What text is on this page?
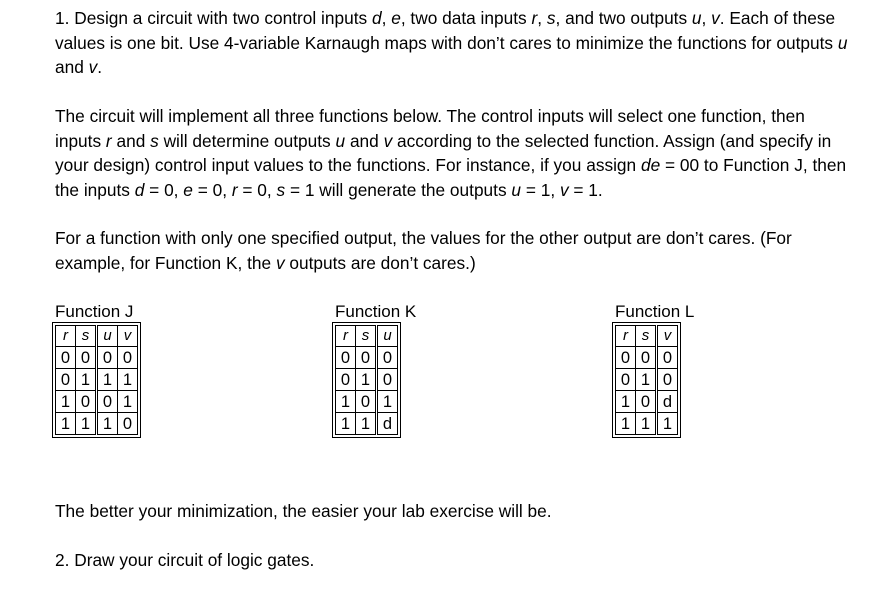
1. Design a circuit with two control inputs d, e, two data inputs r, s, and two outputs u, v. Each of these values is one bit. Use 4-variable Karnaugh maps with don’t cares to minimize the functions for outputs u and v.

The circuit will implement all three functions below. The control inputs will select one function, then inputs r and s will determine outputs u and v according to the selected function. Assign (and specify in your design) control input values to the functions. For instance, if you assign de = 00 to Function J, then the inputs d = 0, e = 0, r = 0, s = 1 will generate the outputs u = 1, v = 1.

For a function with only one specified output, the values for the other output are don’t cares. (For example, for Function K, the v outputs are don’t cares.)

Function J
r	s	u	v
0	0	0	0
0	1	1	1
1	0	0	1
1	1	1	0
Function K
r	s	u
0	0	0
0	1	0
1	0	1
1	1	d
Function L
r	s	v
0	0	0
0	1	0
1	0	d
1	1	1

The better your minimization, the easier your lab exercise will be.

2. Draw your circuit of logic gates.
